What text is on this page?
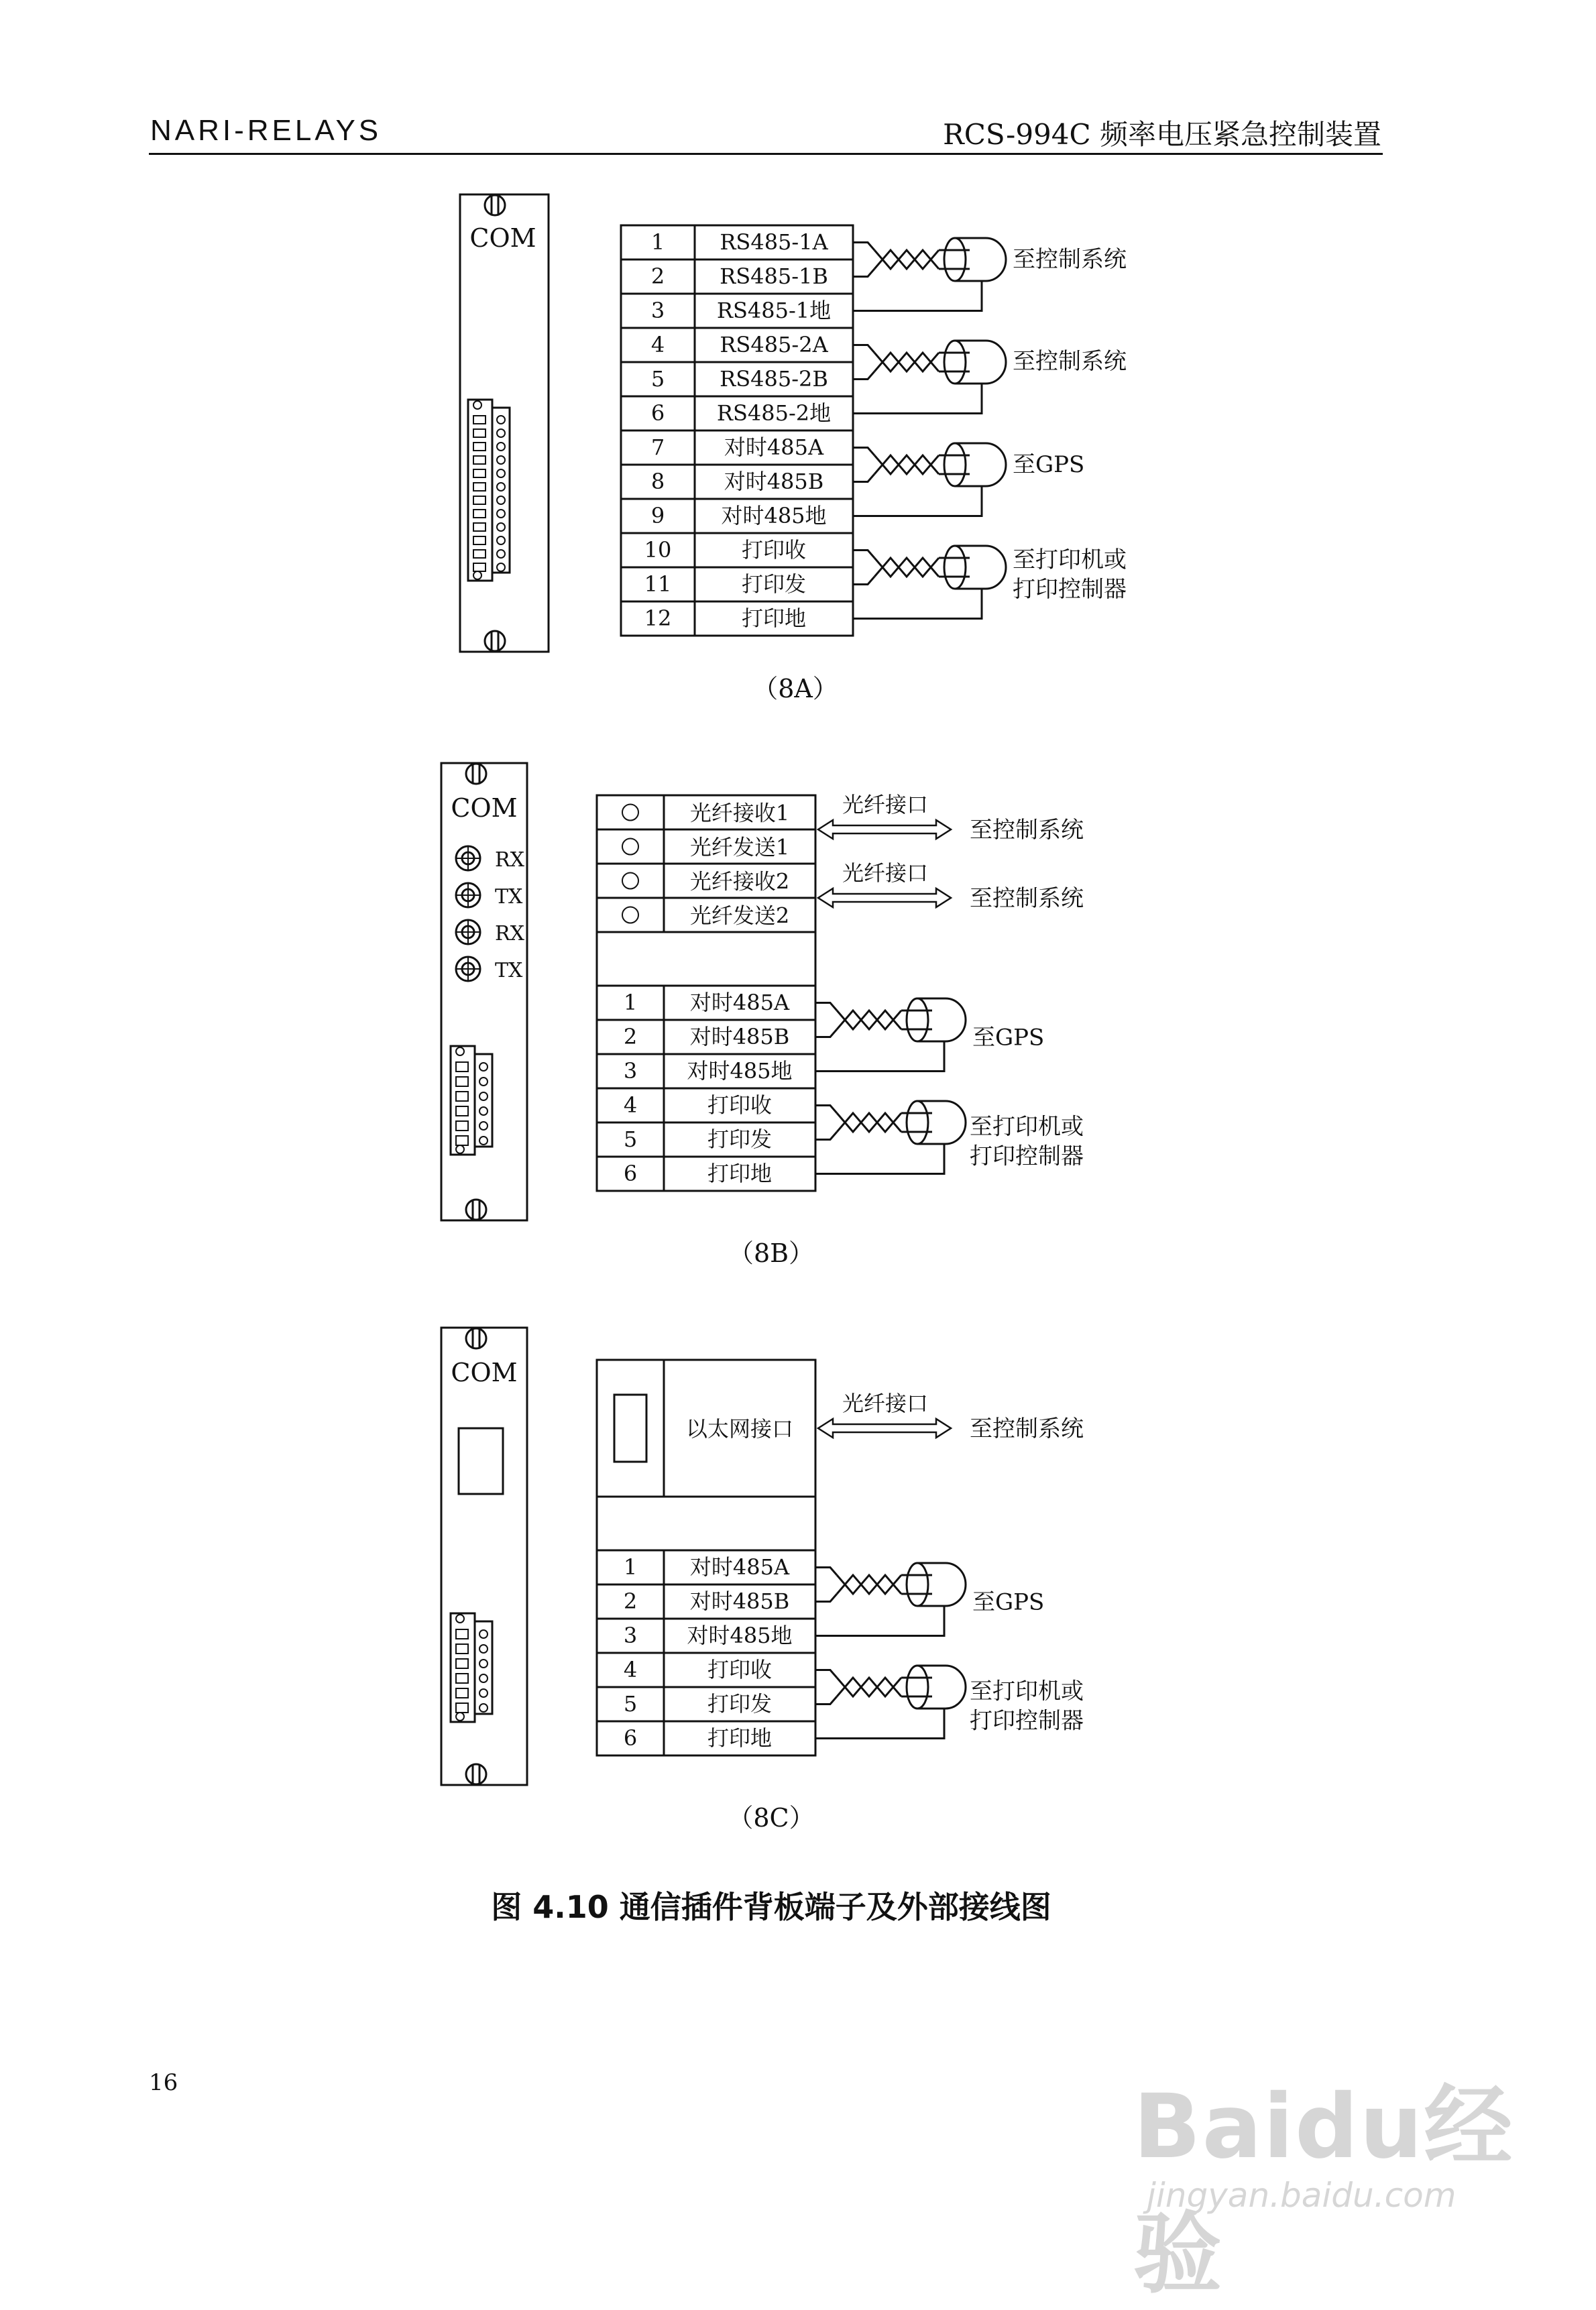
NARI-RELAYS	RCS-994C 频率电压紧急控制装置
COM	1	RS485-1A
2	RS485-1B
3 RS485-1地
4	RS485-2A
5	RS485-2B
6 RS485-2地
7	对时485A
8	对时485B
9	对时485地
10	打印收
11	打印发
12	打印地
至控制系统
至控制系统
至GPS
至打印机或
打印控制器
（8A）
COM
RX
TX
RX
TX
光纤接收1
光纤发送1
光纤接收2
光纤发送2
光纤接口
至控制系统
光纤接口
至控制系统
1 对时485A
2 对时485B
3 对时485地
4	打印收
5	打印发
6	打印地
至GPS
至打印机或
打印控制器
（8B）
COM
以太网接口
光纤接口
至控制系统
1 对时485A
2 对时485B
3 对时485地
4	打印收
5	打印发
6	打印地
至GPS
至打印机或
打印控制器
（8C）
图 4.10 通信插件背板端子及外部接线图
16	Baidu经验
jingyan.baidu.com
